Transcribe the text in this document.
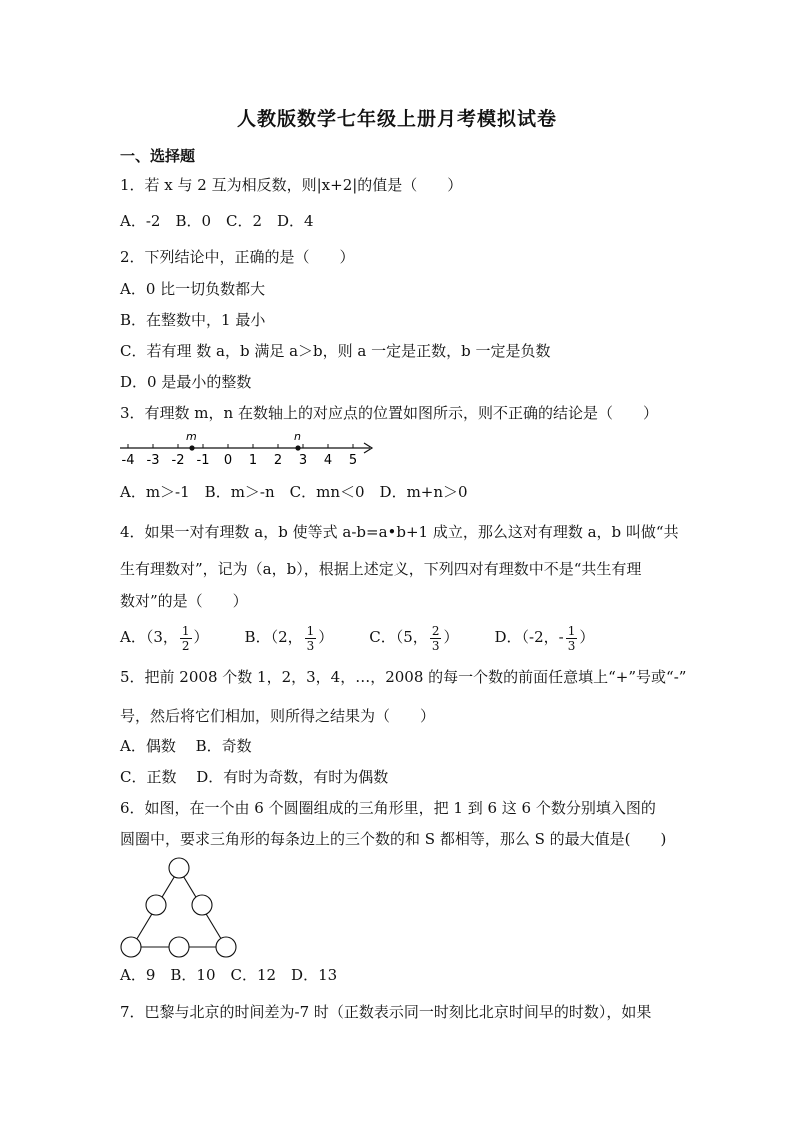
人教版数学七年级上册月考模拟试卷
一、选择题
1．若 x 与 2 互为相反数，则|x+2|的值是（　　）
A．-2　B．0　C．2　D．4
2．下列结论中，正确的是（　　）
A．0 比一切负数都大
B．在整数中，1 最小
C．若有理 数 a，b 满足 a＞b，则 a 一定是正数，b 一定是负数
D．0 是最小的整数
3．有理数 m，n 在数轴上的对应点的位置如图所示，则不正确的结论是（　　）
-4 -3 -2 -1 0 1 2 3 4 5
m	n
A．m＞-1　B．m＞-n　C．mn＜0　D．m+n＞0
4．如果一对有理数 a，b 使等式 a-b=a•b+1 成立，那么这对有理数 a，b 叫做“共
生有理数对”，记为（a，b），根据上述定义，下列四对有理数中不是“共生有理
数对”的是（　　）
A．（3， $\frac{1}{2}$ ） B．（2， $\frac{1}{3}$ ） C．（5， $\frac{2}{3}$ ） D．（-2，- $\frac{1}{3}$ ）
5．把前 2008 个数 1，2，3，4，…，2008 的每一个数的前面任意填上“+”号或“-”
号，然后将它们相加，则所得之结果为（　　）
A．偶数　 B．奇数
C．正数　 D．有时为奇数，有时为偶数
6．如图，在一个由 6 个圆圈组成的三角形里，把 1 到 6 这 6 个数分别填入图的
圆圈中，要求三角形的每条边上的三个数的和 S 都相等，那么 S 的最大值是(　　)
A．9　B．10　C．12　D．13
7．巴黎与北京的时间差为-7 时（正数表示同一时刻比北京时间早的时数），如果
